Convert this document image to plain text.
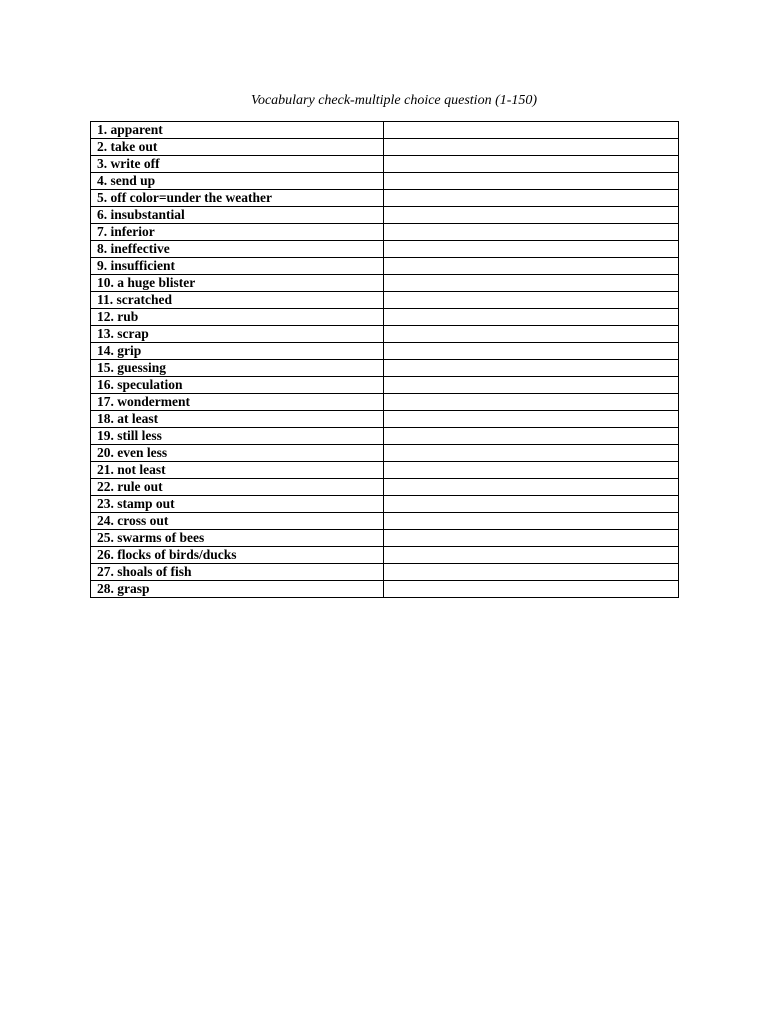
Vocabulary check-multiple choice question (1-150)
1. apparent	
2. take out	
3. write off	
4. send up	
5. off color=under the weather	
6. insubstantial	
7. inferior	
8. ineffective	
9. insufficient	
10. a huge blister	
11. scratched	
12. rub	
13. scrap	
14. grip	
15. guessing	
16. speculation	
17. wonderment	
18. at least	
19. still less	
20. even less	
21. not least	
22. rule out	
23. stamp out	
24. cross out	
25. swarms of bees	
26. flocks of birds/ducks	
27. shoals of fish	
28. grasp	
